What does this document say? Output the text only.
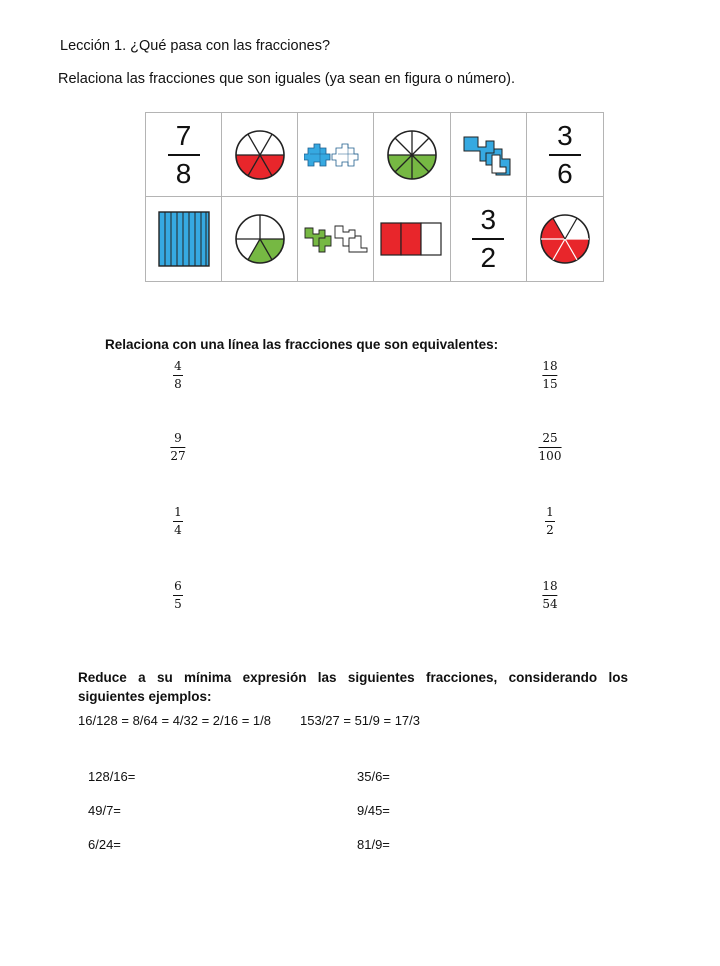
Lección 1. ¿Qué pasa con las fracciones?
Relaciona las fracciones que son iguales (ya sean en figura o número).
7
8
3
6
3
2
Relaciona con una línea las fracciones que son equivalentes:
4
8
9
27
1
4
6
5
18
15
25
100
1
2
18
54
Reduce a su mínima expresión las siguientes fracciones, considerando los siguientes ejemplos:
16/128 = 8/64 = 4/32 = 2/16 = 1/8 153/27 = 51/9 = 17/3
128/16=
49/7=
6/24=
35/6=
9/45=
81/9=
